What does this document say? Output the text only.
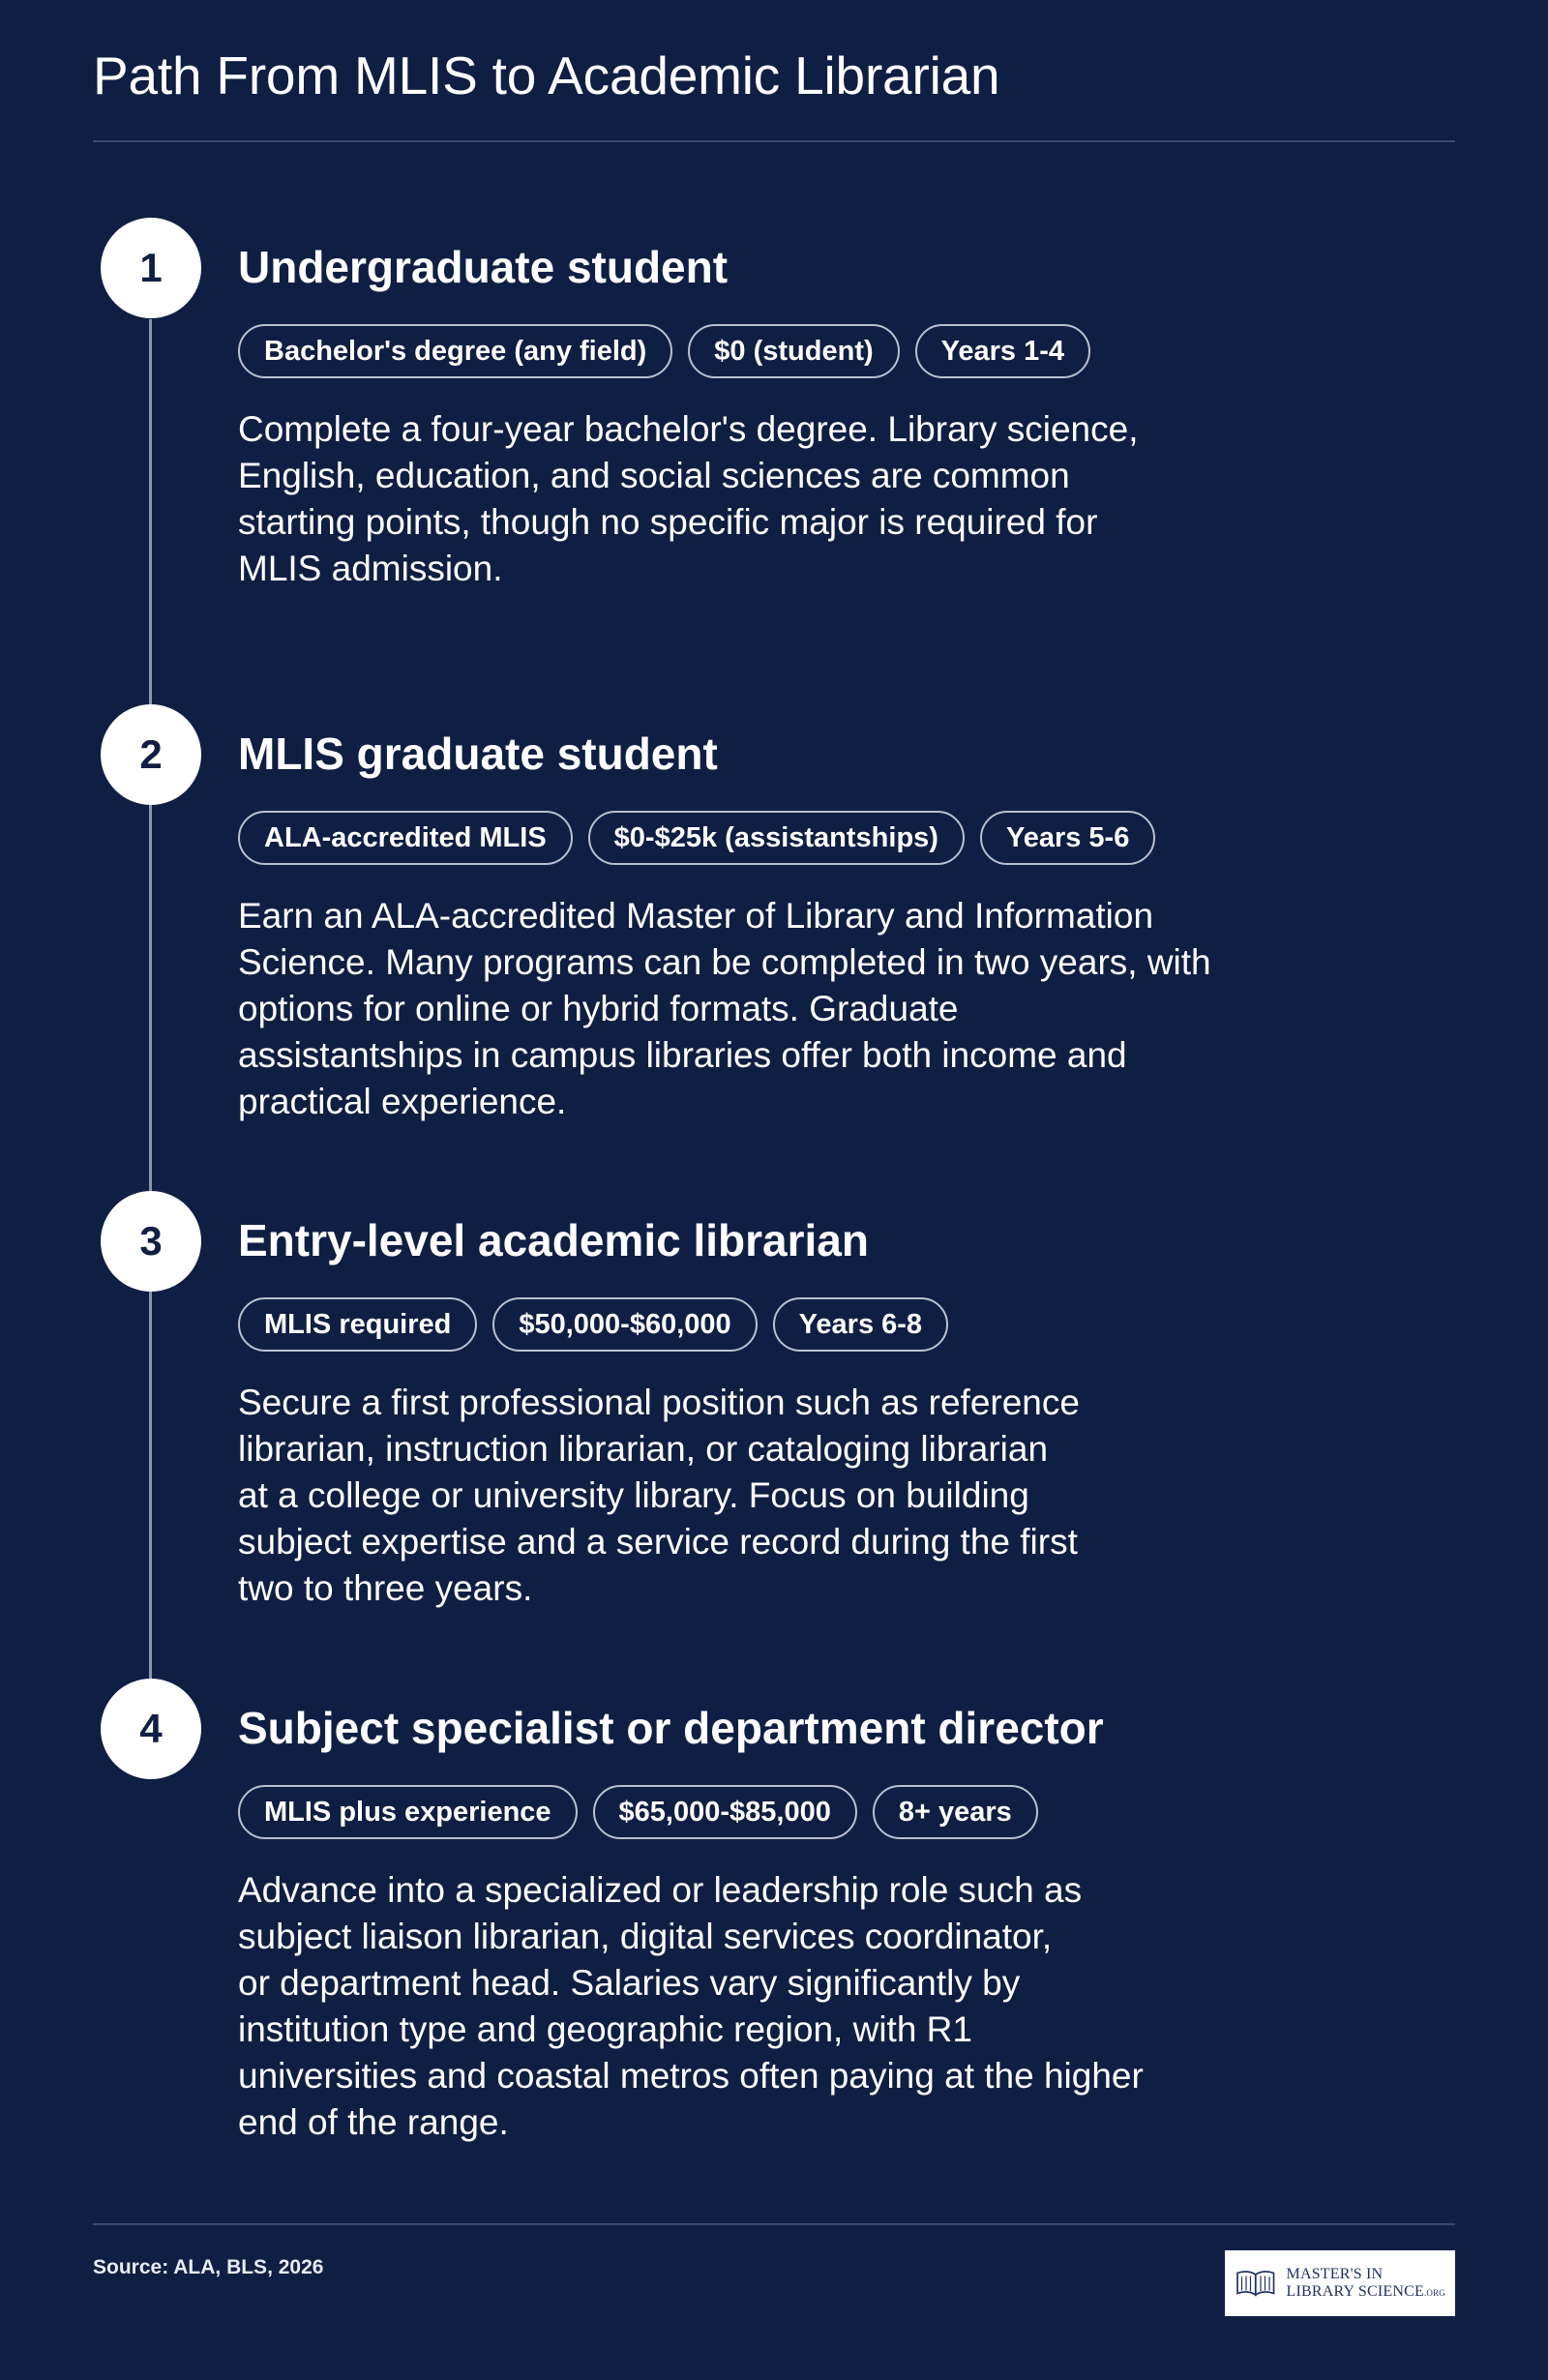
Path From MLIS to Academic Librarian
1	Undergraduate student
Bachelor's degree (any field)	$0 (student)	Years 1-4
Complete a four-year bachelor's degree. Library science,
English, education, and social sciences are common
starting points, though no specific major is required for
MLIS admission.
2	MLIS graduate student
ALA-accredited MLIS	$0-$25k (assistantships)	Years 5-6
Earn an ALA-accredited Master of Library and Information
Science. Many programs can be completed in two years, with
options for online or hybrid formats. Graduate
assistantships in campus libraries offer both income and
practical experience.
3	Entry-level academic librarian
MLIS required	$50,000-$60,000	Years 6-8
Secure a first professional position such as reference
librarian, instruction librarian, or cataloging librarian
at a college or university library. Focus on building
subject expertise and a service record during the first
two to three years.
4	Subject specialist or department director
MLIS plus experience	$65,000-$85,000	8+ years
Advance into a specialized or leadership role such as
subject liaison librarian, digital services coordinator,
or department head. Salaries vary significantly by
institution type and geographic region, with R1
universities and coastal metros often paying at the higher
end of the range.
Source: ALA, BLS, 2026	MASTER'S IN
LIBRARY SCIENCE.ORG
